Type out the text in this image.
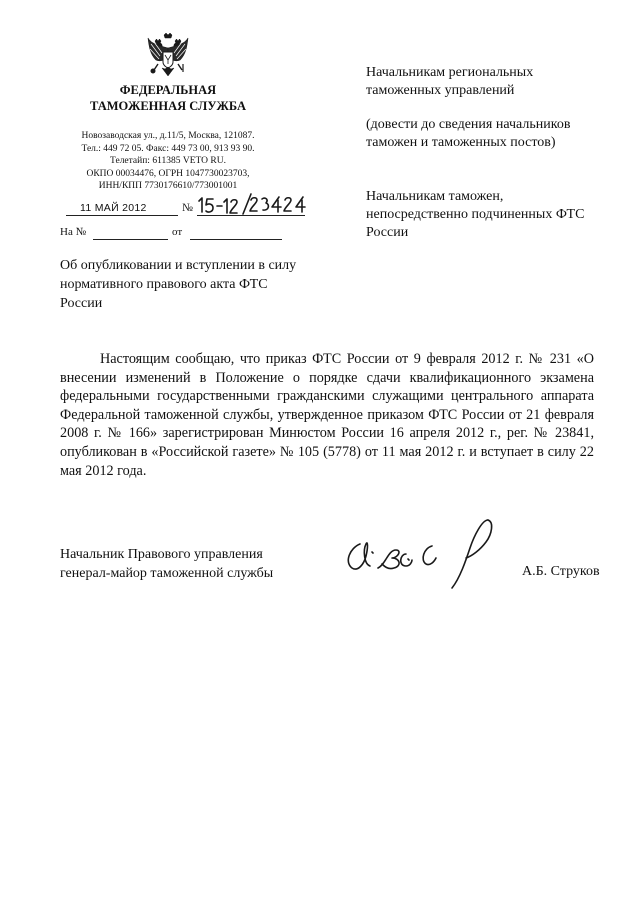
ФЕДЕРАЛЬНАЯ
ТАМОЖЕННАЯ СЛУЖБА
Новозаводская ул., д.11/5, Москва, 121087.
Тел.: 449 72 05. Факс: 449 73 00, 913 93 90.
Телетайп: 611385 VETO RU.
ОКПО 00034476, ОГРН 1047730023703,
ИНН/КПП 7730176610/773001001
11 МАЙ 2012	№
На №	от
Об опубликовании и вступлении в силу нормативного правового акта ФТС России

Начальникам региональных таможенных управлений

(довести до сведения начальников таможен и таможенных постов)

Начальникам таможен, непосредственно подчиненных ФТС России

Настоящим сообщаю, что приказ ФТС России от 9 февраля 2012 г. № 231 «О внесении изменений в Положение о порядке сдачи квалификационного экзамена федеральными государственными гражданскими служащими центрального аппарата Федеральной таможенной службы, утвержденное приказом ФТС России от 21 февраля 2008 г. № 166» зарегистрирован Минюстом России 16 апреля 2012 г., рег. № 23841, опубликован в «Российской газете» № 105 (5778) от 11 мая 2012 г. и вступает в силу 22 мая 2012 года.
Начальник Правового управления
генерал-майор таможенной службы	А.Б. Струков
